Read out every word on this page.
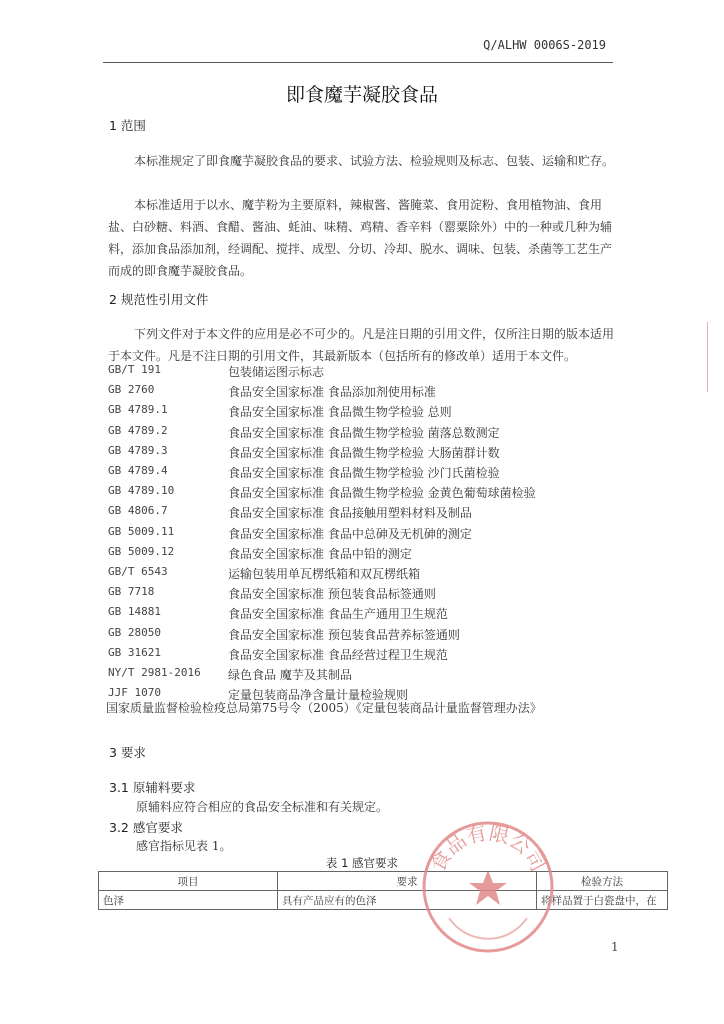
Q/ALHW 0006S-2019
即食魔芋凝胶食品
1 范围
本标准规定了即食魔芋凝胶食品的要求、试验方法、检验规则及标志、包装、运输和贮存。
本标准适用于以水、魔芋粉为主要原料，辣椒酱、酱腌菜、食用淀粉、食用植物油、食用盐、白砂糖、料酒、食醋、酱油、蚝油、味精、鸡精、香辛料（罂粟除外）中的一种或几种为辅料，添加食品添加剂，经调配、搅拌、成型、分切、冷却、脱水、调味、包装、杀菌等工艺生产而成的即食魔芋凝胶食品。
2 规范性引用文件
下列文件对于本文件的应用是必不可少的。凡是注日期的引用文件，仅所注日期的版本适用于本文件。凡是不注日期的引用文件，其最新版本（包括所有的修改单）适用于本文件。
GB/T 191	包装储运图示标志
GB 2760	食品安全国家标准 食品添加剂使用标准
GB 4789.1	食品安全国家标准 食品微生物学检验 总则
GB 4789.2	食品安全国家标准 食品微生物学检验 菌落总数测定
GB 4789.3	食品安全国家标准 食品微生物学检验 大肠菌群计数
GB 4789.4	食品安全国家标准 食品微生物学检验 沙门氏菌检验
GB 4789.10	食品安全国家标准 食品微生物学检验 金黄色葡萄球菌检验
GB 4806.7	食品安全国家标准 食品接触用塑料材料及制品
GB 5009.11	食品安全国家标准 食品中总砷及无机砷的测定
GB 5009.12	食品安全国家标准 食品中铅的测定
GB/T 6543	运输包装用单瓦楞纸箱和双瓦楞纸箱
GB 7718	食品安全国家标准 预包装食品标签通则
GB 14881	食品安全国家标准 食品生产通用卫生规范
GB 28050	食品安全国家标准 预包装食品营养标签通则
GB 31621	食品安全国家标准 食品经营过程卫生规范
NY/T 2981-2016 绿色食品 魔芋及其制品
JJF 1070	定量包装商品净含量计量检验规则
国家质量监督检验检疫总局第75号令（2005）《定量包装商品计量监督管理办法》
3 要求
3.1 原辅料要求
原辅料应符合相应的食品安全标准和有关规定。
3.2 感官要求
感官指标见表 1。
表 1 感官要求
项目	要求	检验方法
色泽	具有产品应有的色泽	将样品置于白瓷盘中，在
食品有限公司
1
